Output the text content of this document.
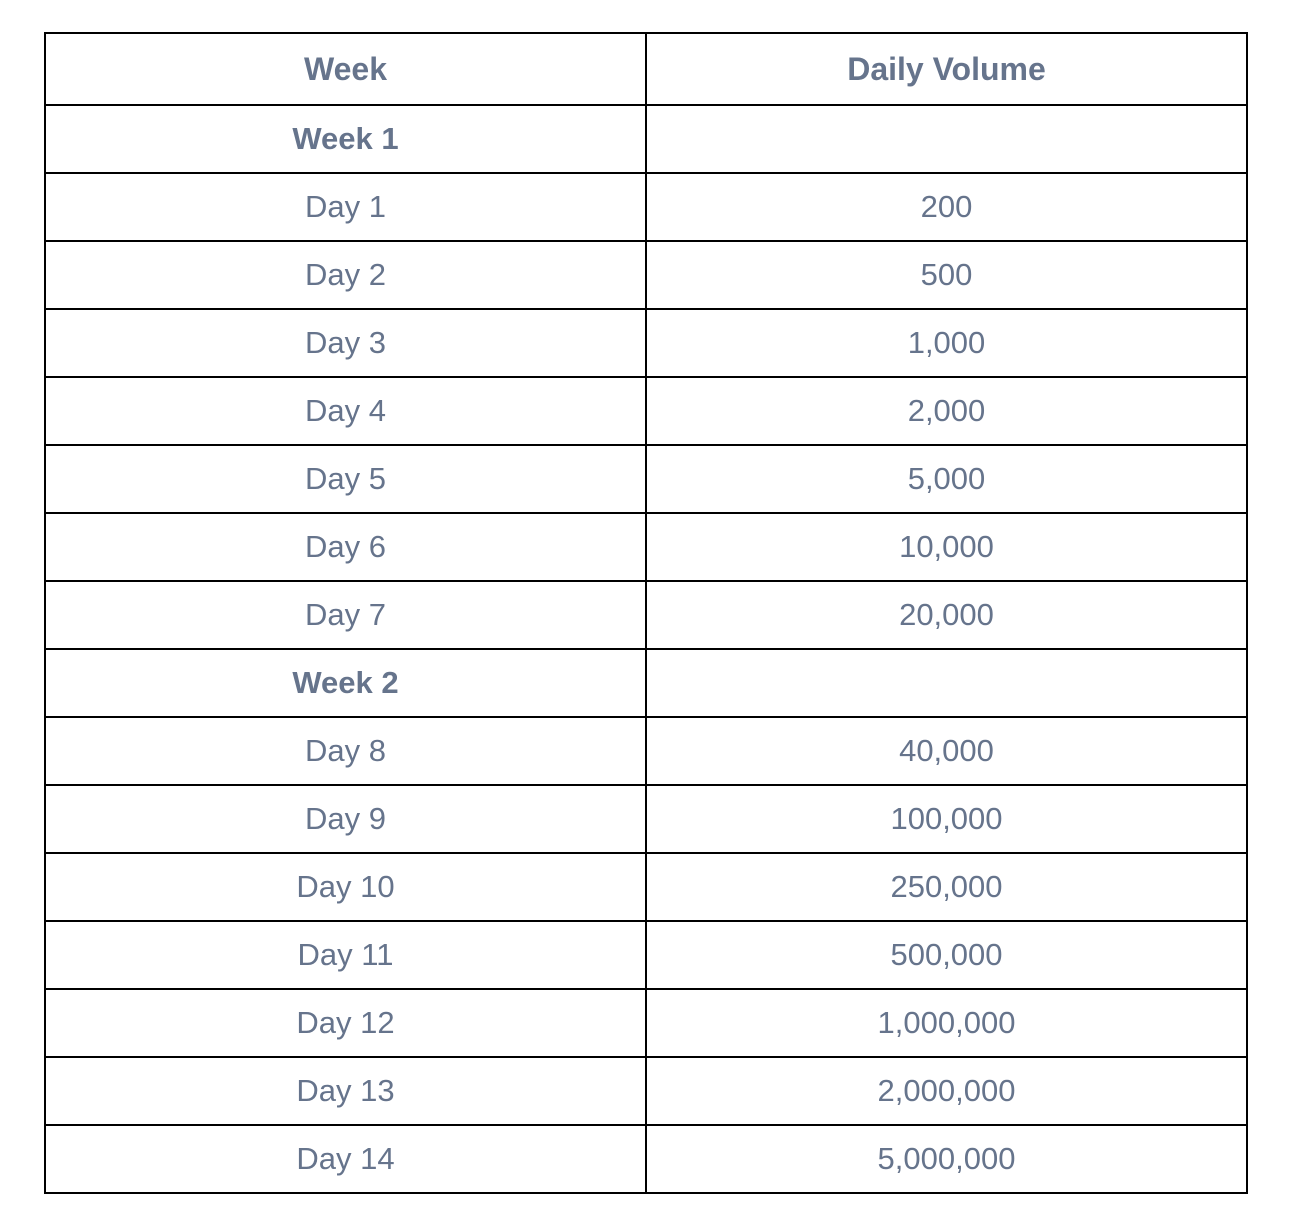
Week	Daily Volume
Week 1	
Day 1	200
Day 2	500
Day 3	1,000
Day 4	2,000
Day 5	5,000
Day 6	10,000
Day 7	20,000
Week 2	
Day 8	40,000
Day 9	100,000
Day 10	250,000
Day 11	500,000
Day 12	1,000,000
Day 13	2,000,000
Day 14	5,000,000
